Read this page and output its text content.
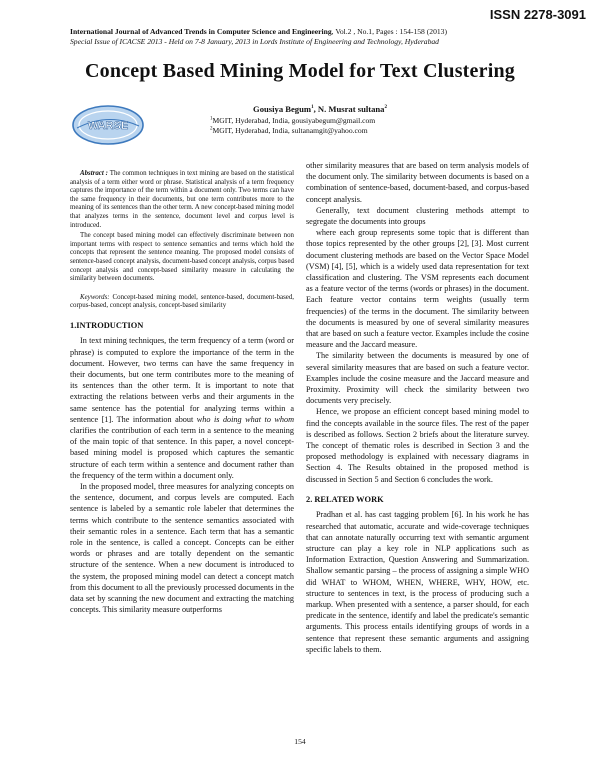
ISSN 2278-3091
International Journal of Advanced Trends in Computer Science and Engineering, Vol.2 , No.1, Pages : 154-158 (2013)
Special Issue of ICACSE 2013 - Held on 7-8 January, 2013 in Lords Institute of Engineering and Technology, Hyderabad
Concept Based Mining Model for Text Clustering
WARSE
Gousiya Begum$^1$, N. Musrat sultana$^2$
$^1$MGIT, Hyderabad, India, gousiyabegum@gmail.com
$^2$MGIT, Hyderabad, India, sultanamgit@yahoo.com

Abstract : The common techniques in text mining are based on the statistical analysis of a term either word or phrase. Statistical analysis of a term frequency captures the importance of the term within a document only. Two terms can have the same frequency in their documents, but one term contributes more to the meaning of its sentences than the other term. A new concept-based mining model that analyzes terms in the sentence, document level and corpus level is introduced.

The concept based mining model can effectively discriminate between non important terms with respect to sentence semantics and terms which hold the concepts that represent the sentence meaning. The proposed model consists of sentence-based concept analysis, document-based concept analysis, corpus based concept analysis and concept-based similarity measure in calculating the similarity between documents.

Keywords: Concept-based mining model, sentence-based, document-based, corpus-based, concept analysis, concept-based similarity

1.INTRODUCTION

In text mining techniques, the term frequency of a term (word or phrase) is computed to explore the importance of the term in the document. However, two terms can have the same frequency in their documents, but one term contributes more to the meaning of its sentences than the other term. It is important to note that extracting the relations between verbs and their arguments in the same sentence has the potential for analyzing terms within a sentence [1]. The information about who is doing what to whom clarifies the contribution of each term in a sentence to the meaning of the main topic of that sentence. In this paper, a novel concept-based mining model is proposed which captures the semantic structure of each term within a sentence and document rather than the frequency of the term within a document only.

In the proposed model, three measures for analyzing concepts on the sentence, document, and corpus levels are computed. Each sentence is labeled by a semantic role labeler that determines the terms which contribute to the sentence semantics associated with their semantic roles in a sentence. Each term that has a semantic role in the sentence, is called a concept. Concepts can be either words or phrases and are totally dependent on the semantic structure of the sentence. When a new document is introduced to the system, the proposed mining model can detect a concept match from this document to all the previously processed documents in the data set by scanning the new document and extracting the matching concepts. This similarity measure outperforms

other similarity measures that are based on term analysis models of the document only. The similarity between documents is based on a combination of sentence-based, document-based, and corpus-based concept analysis.

Generally, text document clustering methods attempt to segregate the documents into groups

where each group represents some topic that is different than those topics represented by the other groups [2], [3]. Most current document clustering methods are based on the Vector Space Model (VSM) [4], [5], which is a widely used data representation for text classification and clustering. The VSM represents each document as a feature vector of the terms (words or phrases) in the document. Each feature vector contains term weights (usually term frequencies) of the terms in the document. The similarity between the documents is measured by one of several similarity measures that are based on such a feature vector. Examples include the cosine measure and the Jaccard measure.

The similarity between the documents is measured by one of several similarity measures that are based on such a feature vector. Examples include the cosine measure and the Jaccard measure and Proximity. Proximity will check the similarity between two documents very precisely.

Hence, we propose an efficient concept based mining model to find the concepts available in the source files. The rest of the paper is described as follows. Section 2 briefs about the literature survey. The concept of thematic roles is described in Section 3 and the proposed methodology is explained with necessary diagrams in Section 4. The Results obtained in the proposed method is discussed in Section 5 and Section 6 concludes the work.

2. RELATED WORK

Pradhan et al. has cast tagging problem [6]. In his work he has researched that automatic, accurate and wide-coverage techniques that can annotate naturally occurring text with semantic argument structure can play a key role in NLP applications such as Information Extraction, Question Answering and Summarization. Shallow semantic parsing – the process of assigning a simple WHO did WHAT to WHOM, WHEN, WHERE, WHY, HOW, etc. structure to sentences in text, is the process of producing such a markup. When presented with a sentence, a parser should, for each predicate in the sentence, identify and label the predicate's semantic arguments. This process entails identifying groups of words in a sentence that represent these semantic arguments and assigning specific labels to them.

154
